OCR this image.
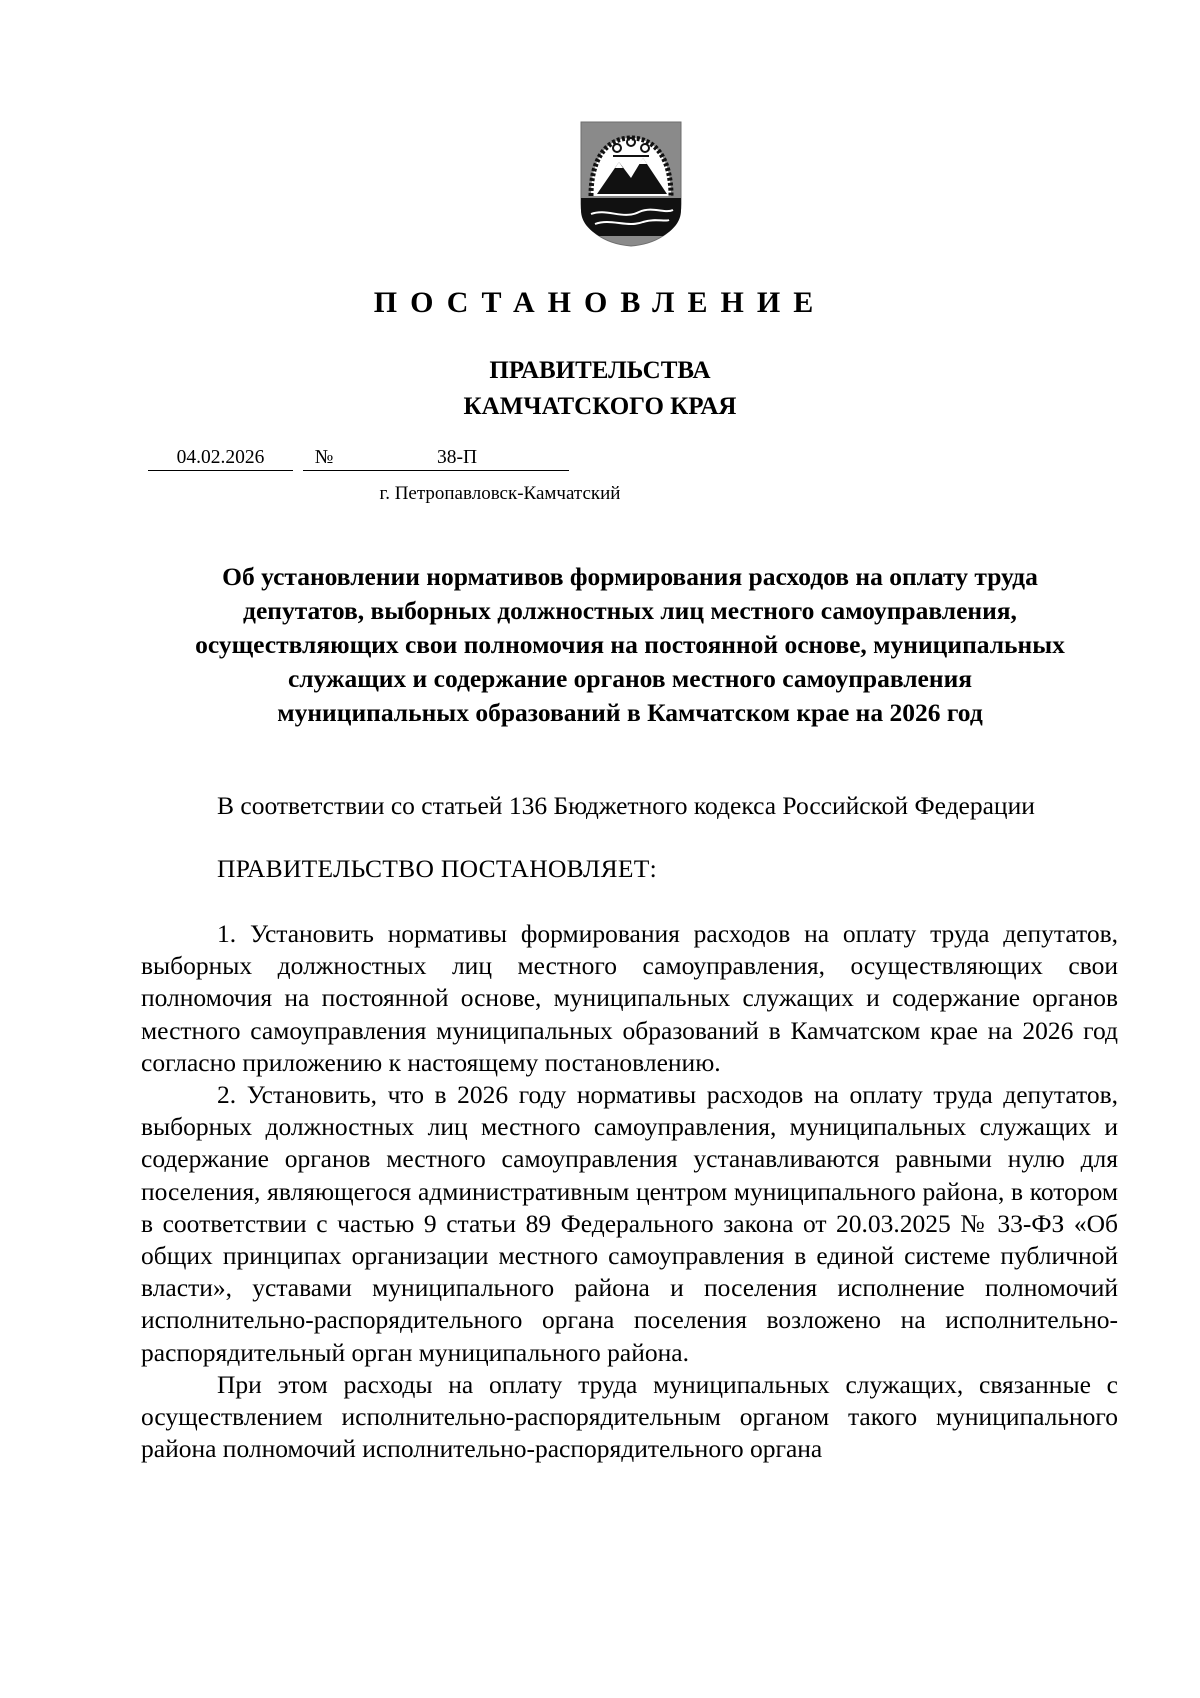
ПОСТАНОВЛЕНИЕ
ПРАВИТЕЛЬСТВА
КАМЧАТСКОГО КРАЯ
04.02.2026	№	38-П
г. Петропавловск-Камчатский
Об установлении нормативов формирования расходов на оплату труда
депутатов, выборных должностных лиц местного самоуправления,
осуществляющих свои полномочия на постоянной основе, муниципальных
служащих и содержание органов местного самоуправления
муниципальных образований в Камчатском крае на 2026 год
В соответствии со статьей 136 Бюджетного кодекса Российской Федерации
ПРАВИТЕЛЬСТВО ПОСТАНОВЛЯЕТ:

1. Установить нормативы формирования расходов на оплату труда депутатов, выборных должностных лиц местного самоуправления, осуществляющих свои полномочия на постоянной основе, муниципальных служащих и содержание органов местного самоуправления муниципальных образований в Камчатском крае на 2026 год согласно приложению к настоящему постановлению.

2. Установить, что в 2026 году нормативы расходов на оплату труда депутатов, выборных должностных лиц местного самоуправления, муниципальных служащих и содержание органов местного самоуправления устанавливаются равными нулю для поселения, являющегося административным центром муниципального района, в котором в соответствии с частью 9 статьи 89 Федерального закона от 20.03.2025 № 33-ФЗ «Об общих принципах организации местного самоуправления в единой системе публичной власти», уставами муниципального района и поселения исполнение полномочий исполнительно-распорядительного органа поселения возложено на исполнительно-распорядительный орган муниципального района.

При этом расходы на оплату труда муниципальных служащих, связанные с осуществлением исполнительно-распорядительным органом такого муниципального района полномочий исполнительно-распорядительного органа
